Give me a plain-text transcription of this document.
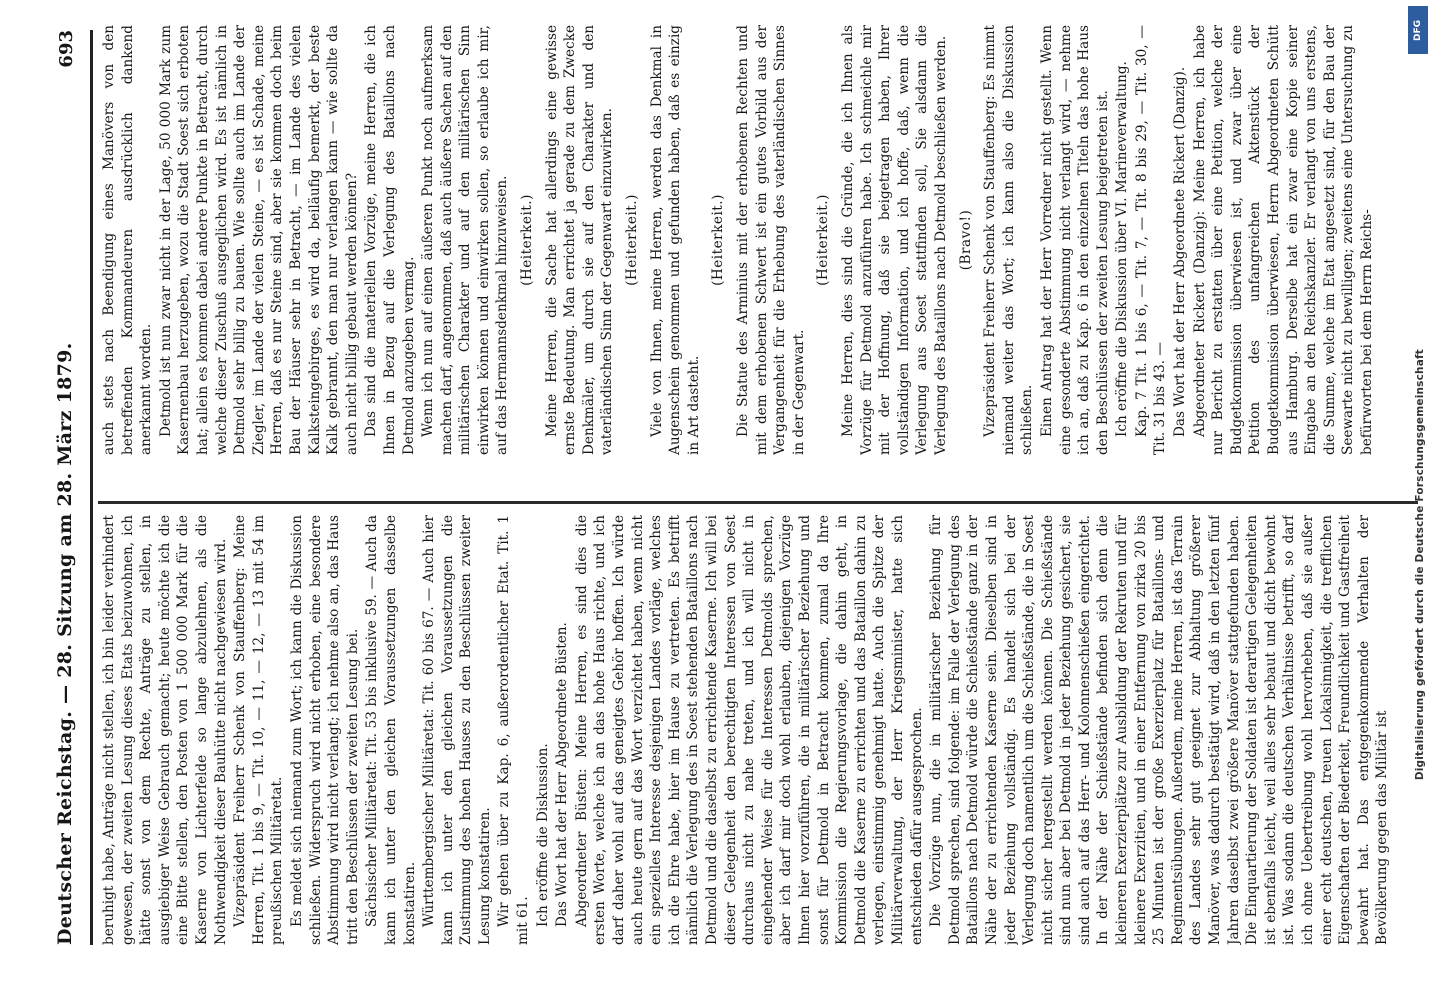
Deutscher Reichstag. — 28. Sitzung am 28. März 1879.
693

beruhigt habe, Anträge nicht stellen, ich bin leider verhindert gewesen, der zweiten Lesung dieses Etats beizuwohnen, ich hätte sonst von dem Rechte, Anträge zu stellen, in ausgiebiger Weise Gebrauch gemacht; heute möchte ich die eine Bitte stellen, den Posten von 1 500 000 Mark für die Kaserne von Lichterfelde so lange abzulehnen, als die Nothwendigkeit dieser Bauhütte nicht nachgewiesen wird. Vizepräsident Freiherr Schenk von Stauffenberg: Meine Herren, Tit. 1 bis 9, — Tit. 10, — 11, — 12, — 13 mit 54 im preußischen Militäretat. Es meldet sich niemand zum Wort; ich kann die Diskussion schließen. Widerspruch wird nicht erhoben, eine besondere Abstimmung wird nicht verlangt; ich nehme also an, das Haus tritt den Beschlüssen der zweiten Lesung bei. Sächsischer Militäretat: Tit. 53 bis inklusive 59. — Auch da kann ich unter den gleichen Voraussetzungen dasselbe konstatiren. Württembergischer Militäretat: Tit. 60 bis 67. — Auch hier kann ich unter den gleichen Voraussetzungen die Zustimmung des hohen Hauses zu den Beschlüssen zweiter Lesung konstatiren. Wir gehen über zu Kap. 6, außerordentlicher Etat. Tit. 1 mit 61. Ich eröffne die Diskussion. Das Wort hat der Herr Abgeordnete Büsten. Abgeordneter Büsten: Meine Herren, es sind dies die ersten Worte, welche ich an das hohe Haus richte, und ich darf daher wohl auf das geneigtes Gehör hoffen. Ich würde auch heute gern auf das Wort verzichtet haben, wenn nicht ein spezielles Interesse desjenigen Landes vorläge, welches ich die Ehre habe, hier im Hause zu vertreten. Es betrifft nämlich die Verlegung des in Soest stehenden Bataillons nach Detmold und die daselbst zu errichtende Kaserne. Ich will bei dieser Gelegenheit den berechtigten Interessen von Soest durchaus nicht zu nahe treten, und ich will nicht in eingehender Weise für die Interessen Detmolds sprechen, aber ich darf mir doch wohl erlauben, diejenigen Vorzüge Ihnen hier vorzuführen, die in militärischer Beziehung und sonst für Detmold in Betracht kommen, zumal da Ihre Kommission die Regierungsvorlage, die dahin geht, in Detmold die Kaserne zu errichten und das Bataillon dahin zu verlegen, einstimmig genehmigt hatte. Auch die Spitze der Militärverwaltung, der Herr Kriegsminister, hatte sich entschieden dafür ausgesprochen. Die Vorzüge nun, die in militärischer Beziehung für Detmold sprechen, sind folgende: im Falle der Verlegung des Bataillons nach Detmold würde die Schießstände ganz in der Nähe der zu errichtenden Kaserne sein. Dieselben sind in jeder Beziehung vollständig. Es handelt sich bei der Verlegung doch namentlich um die Schießstände, die in Soest nicht sicher hergestellt werden können. Die Schießstände sind nun aber bei Detmold in jeder Beziehung gesichert, sie sind auch auf das Herr- und Kolonnenschießen eingerichtet. In der Nähe der Schießstände befinden sich denn die kleineren Exerzierplätze zur Ausbildung der Rekruten und für kleinere Exerzitien, und in einer Entfernung von zirka 20 bis 25 Minuten ist der große Exerzierplatz für Bataillons- und Regimentsübungen. Außerdem, meine Herren, ist das Terrain des Landes sehr gut geeignet zur Abhaltung größerer Manöver, was dadurch bestätigt wird, daß in den letzten fünf Jahren daselbst zwei größere Manöver stattgefunden haben. Die Einquartierung der Soldaten ist derartigen Gelegenheiten ist ebenfalls leicht, weil alles sehr bebaut und dicht bewohnt ist. Was sodann die deutschen Verhältnisse betrifft, so darf ich ohne Uebertreibung wohl hervorheben, daß sie außer einer echt deutschen, treuen Lokalsinnigkeit, die trefflichen Eigenschaften der Biederkeit, Freundlichkeit und Gastfreiheit bewahrt hat. Das entgegenkommende Verhalten der Bevölkerung gegen das Militär ist

auch stets nach Beendigung eines Manövers von den betreffenden Kommandeuren ausdrücklich dankend anerkannt worden. Detmold ist nun zwar nicht in der Lage, 50 000 Mark zum Kasernenbau herzugeben, wozu die Stadt Soest sich erboten hat; allein es kommen dabei andere Punkte in Betracht, durch welche dieser Zuschuß ausgeglichen wird. Es ist nämlich in Detmold sehr billig zu bauen. Wie sollte auch im Lande der Ziegler, im Lande der vielen Steine, — es ist Schade, meine Herren, daß es nur Steine sind, aber sie kommen doch beim Bau der Häuser sehr in Betracht, — im Lande des vielen Kalksteingebirges, es wird da, beiläufig bemerkt, der beste Kalk gebrannt, den man nur verlangen kann — wie sollte da auch nicht billig gebaut werden können? Das sind die materiellen Vorzüge, meine Herren, die ich Ihnen in Bezug auf die Verlegung des Bataillons nach Detmold anzugeben vermag. Wenn ich nun auf einen äußeren Punkt noch aufmerksam machen darf, angenommen, daß auch äußere Sachen auf den militärischen Charakter und auf den militärischen Sinn einwirken können und einwirken sollen, so erlaube ich mir, auf das Hermannsdenkmal hinzuweisen. (Heiterkeit.) Meine Herren, die Sache hat allerdings eine gewisse ernste Bedeutung. Man errichtet ja gerade zu dem Zwecke Denkmäler, um durch sie auf den Charakter und den vaterländischen Sinn der Gegenwart einzuwirken. (Heiterkeit.) Viele von Ihnen, meine Herren, werden das Denkmal in Augenschein genommen und gefunden haben, daß es einzig in Art dasteht.

(Heiterkeit.) Die Statue des Arminius mit der erhobenen Rechten und mit dem erhobenen Schwert ist ein gutes Vorbild aus der Vergangenheit für die Erhebung des vaterländischen Sinnes in der Gegenwart.

(Heiterkeit.) Meine Herren, dies sind die Gründe, die ich Ihnen als Vorzüge für Detmold anzuführen habe. Ich schmeichle mir mit der Hoffnung, daß sie beigetragen haben, Ihrer vollständigen Information, und ich hoffe, daß, wenn die Verlegung aus Soest stattfinden soll, Sie alsdann die Verlegung des Bataillons nach Detmold beschließen werden. (Bravo!) Vizepräsident Freiherr Schenk von Stauffenberg: Es nimmt niemand weiter das Wort; ich kann also die Diskussion schließen. Einen Antrag hat der Herr Vorredner nicht gestellt. Wenn eine gesonderte Abstimmung nicht verlangt wird, — nehme ich an, daß zu Kap. 6 in den einzelnen Titeln das hohe Haus den Beschlüssen der zweiten Lesung beigetreten ist. Ich eröffne die Diskussion über VI. Marineverwaltung. Kap. 7 Tit. 1 bis 6, — Tit. 7, — Tit. 8 bis 29, — Tit. 30, — Tit. 31 bis 43. — Das Wort hat der Herr Abgeordnete Rickert (Danzig). Abgeordneter Rickert (Danzig): Meine Herren, ich habe nur Bericht zu erstatten über eine Petition, welche der Budgetkommission überwiesen ist, und zwar über eine Petition des unfangreichen Aktenstück der Budgetkommission überwiesen, Herrn Abgeordneten Schütt aus Hamburg. Derselbe hat ein zwar eine Kopie seiner Eingabe an den Reichskanzler. Er verlangt von uns erstens, die Summe, welche im Etat angesetzt sind, für den Bau der Seewarte nicht zu bewilligen; zweitens eine Untersuchung zu befürworten bei dem Herrn Reichs-

DFG
Digitalisierung gefördert durch die Deutsche Forschungsgemeinschaft
